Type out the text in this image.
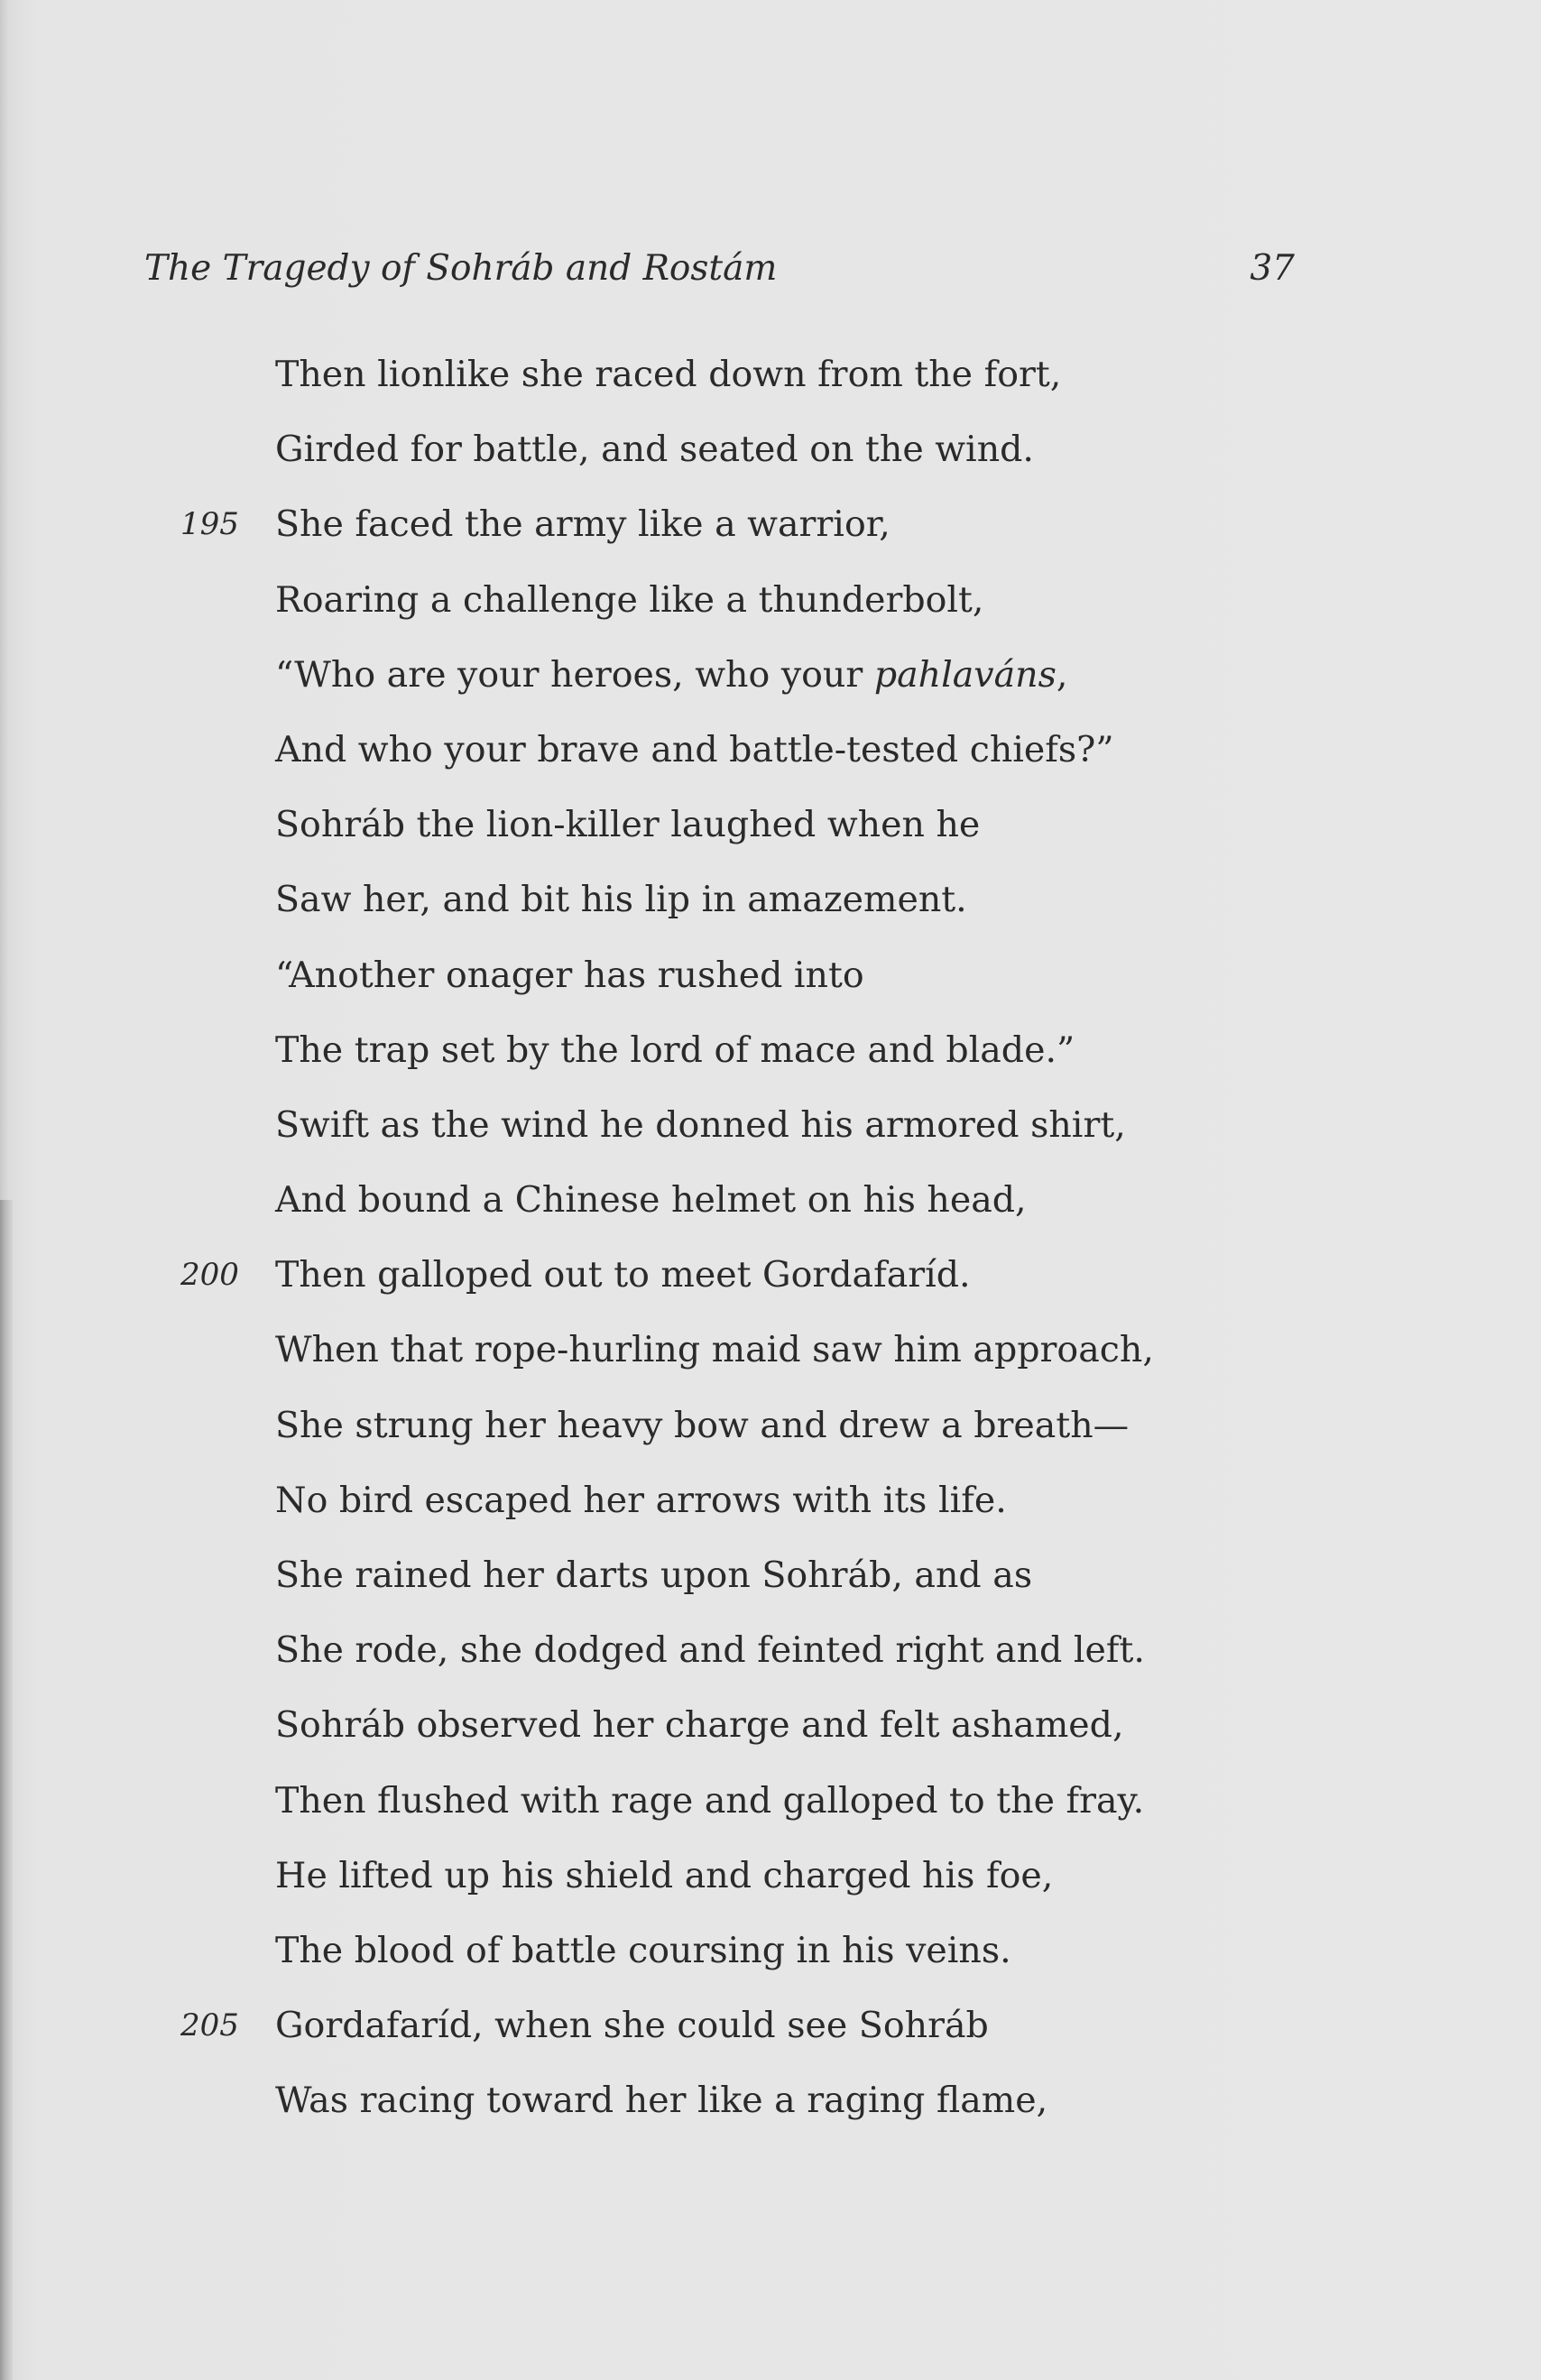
The Tragedy of Sohráb and Rostám	37
Then lionlike she raced down from the fort,
Girded for battle, and seated on the wind.
195 She faced the army like a warrior,
Roaring a challenge like a thunderbolt,
“Who are your heroes, who your pahlaváns,
And who your brave and battle-tested chiefs?”
Sohráb the lion-killer laughed when he
Saw her, and bit his lip in amazement.
“Another onager has rushed into
The trap set by the lord of mace and blade.”
Swift as the wind he donned his armored shirt,
And bound a Chinese helmet on his head,
200 Then galloped out to meet Gordafaríd.
When that rope-hurling maid saw him approach,
She strung her heavy bow and drew a breath—
No bird escaped her arrows with its life.
She rained her darts upon Sohráb, and as
She rode, she dodged and feinted right and left.
Sohráb observed her charge and felt ashamed,
Then flushed with rage and galloped to the fray.
He lifted up his shield and charged his foe,
The blood of battle coursing in his veins.
205 Gordafaríd, when she could see Sohráb
Was racing toward her like a raging flame,
